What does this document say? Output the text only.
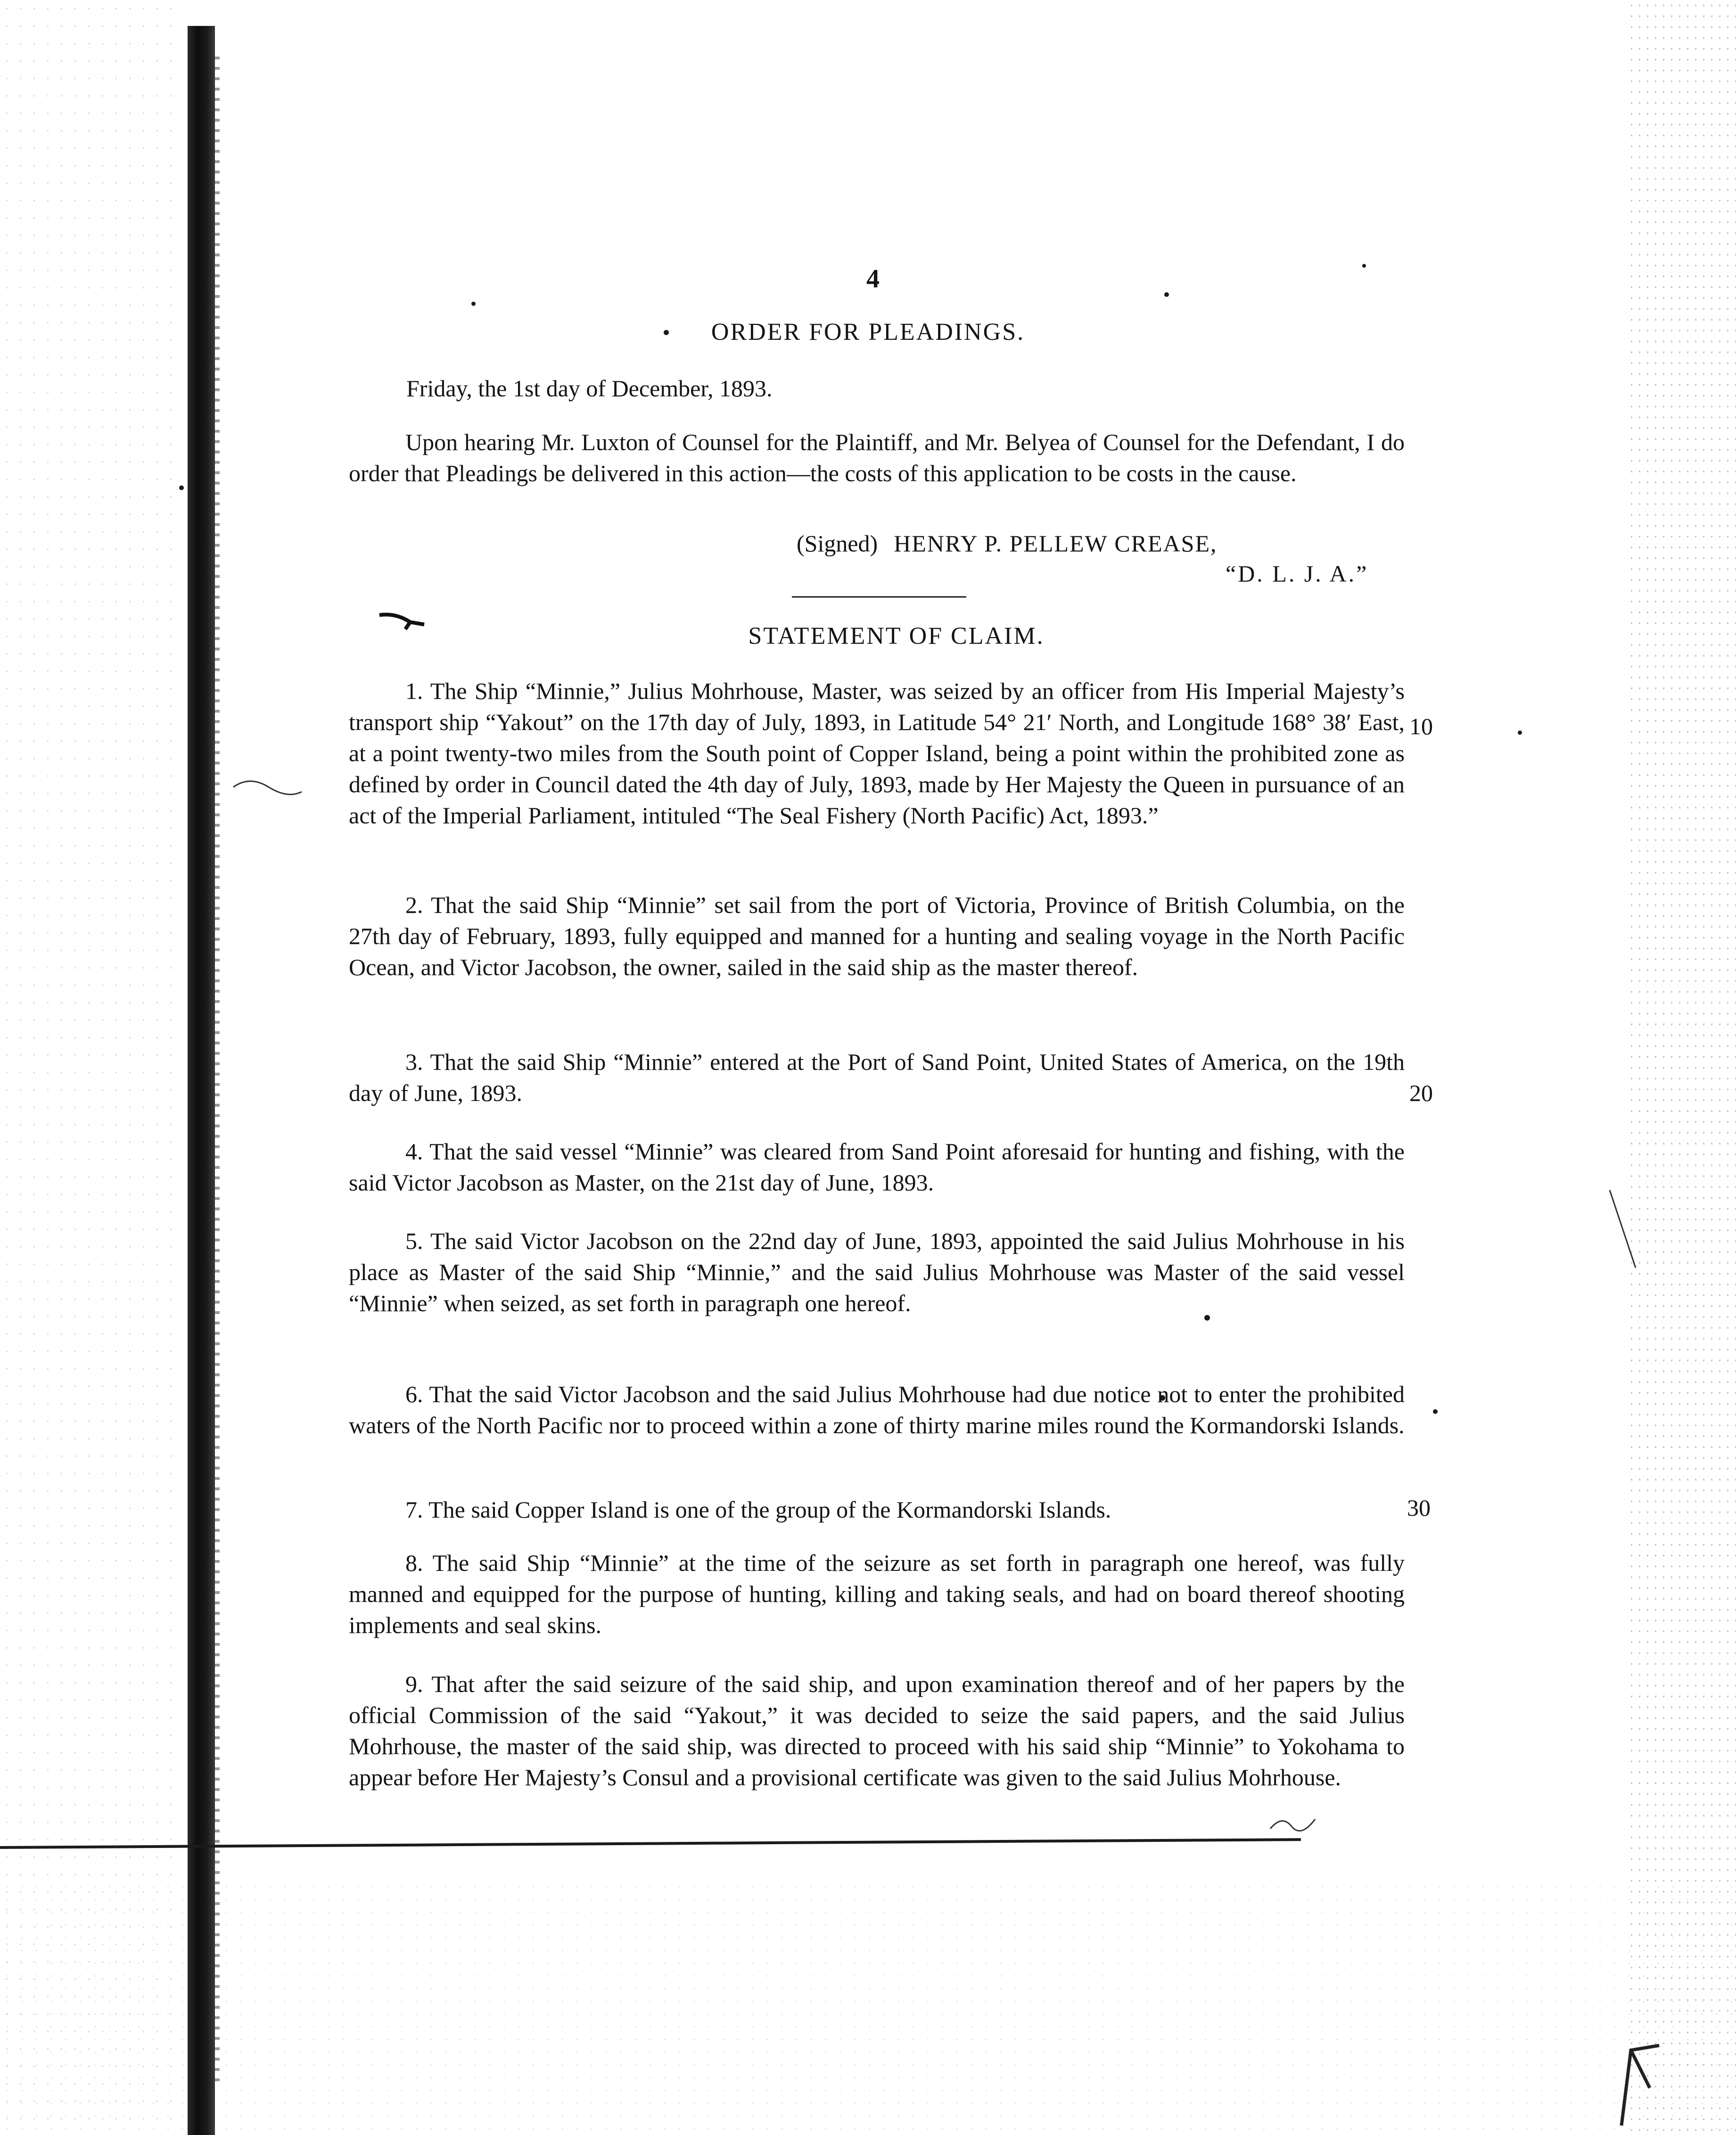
4
ORDER FOR PLEADINGS.
Friday, the 1st day of December, 1893.

Upon hearing Mr. Luxton of Counsel for the Plaintiff, and Mr. Belyea of Counsel for the Defendant, I do order that Pleadings be delivered in this action—the costs of this application to be costs in the cause.

(Signed) HENRY P. PELLEW CREASE,
“D. L. J. A.”
STATEMENT OF CLAIM.

1. The Ship “Minnie,” Julius Mohrhouse, Master, was seized by an officer from His Imperial Majesty’s transport ship “Yakout” on the 17th day of July, 1893, in Latitude 54° 21′ North, and Longitude 168° 38′ East, at a point twenty-two miles from the South point of Copper Island, being a point within the prohibited zone as defined by order in Council dated the 4th day of July, 1893, made by Her Majesty the Queen in pursuance of an act of the Imperial Parliament, intituled “The Seal Fishery (North Pacific) Act, 1893.”

2. That the said Ship “Minnie” set sail from the port of Victoria, Province of British Columbia, on the 27th day of February, 1893, fully equipped and manned for a hunting and sealing voyage in the North Pacific Ocean, and Victor Jacobson, the owner, sailed in the said ship as the master thereof.

3. That the said Ship “Minnie” entered at the Port of Sand Point, United States of America, on the 19th day of June, 1893.

4. That the said vessel “Minnie” was cleared from Sand Point aforesaid for hunting and fishing, with the said Victor Jacobson as Master, on the 21st day of June, 1893.

5. The said Victor Jacobson on the 22nd day of June, 1893, appointed the said Julius Mohrhouse in his place as Master of the said Ship “Minnie,” and the said Julius Mohrhouse was Master of the said vessel “Minnie” when seized, as set forth in paragraph one hereof.

6. That the said Victor Jacobson and the said Julius Mohrhouse had due notice not to enter the prohibited waters of the North Pacific nor to proceed within a zone of thirty marine miles round the Kormandorski Islands.

7. The said Copper Island is one of the group of the Kormandorski Islands.

8. The said Ship “Minnie” at the time of the seizure as set forth in paragraph one hereof, was fully manned and equipped for the purpose of hunting, killing and taking seals, and had on board thereof shooting implements and seal skins.

9. That after the said seizure of the said ship, and upon examination thereof and of her papers by the official Commission of the said “Yakout,” it was decided to seize the said papers, and the said Julius Mohrhouse, the master of the said ship, was directed to proceed with his said ship “Minnie” to Yokohama to appear before Her Majesty’s Consul and a provisional certificate was given to the said Julius Mohrhouse.

10
20
30
